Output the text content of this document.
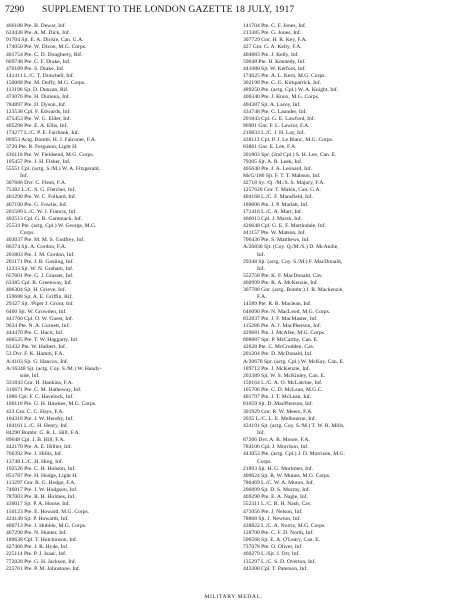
7290 SUPPLEMENT TO THE LONDON GAZETTE 18 JULY, 1917
466188 Pte. B. Dewar, Inf.
624438 Pte. A. M. Dick, Inf.
91704 Sjt. E. A. Dickie, Can. G.A.
174050 Pte. W. Dixon, M.G. Corps.
401754 Pte. C. D. Dougherty, Rif.
669748 Pte. C. F. Drake, Inf.
470189 Pte. S. Drake, Inf.
141411 L./C. T. Drawbell, Inf.
150068 Pte. M. Duffy, M.G. Corps.
113196 Sjt. D. Duncan, Rif.
473076 Pte. H. Durieux, Inf.
784897 Pte. D. Dyson, Inf.
123538 Cpl. F. Edwards, Inf.
475453 Pte. W. G. Elder, Inf.
405298 Pte. E. A. Ellis, Inf.
174277 L./C. P. E. Fairbank, Inf.
86953 Actg. Bombr. H. J. Falconer, F.A.
3720 Pte. R. Ferguson, Light H.
436116 Pte. W. Fieldsend, M.G. Corps.
105457 Pte. J. H. Fisher, Inf.
55551 Cpl. (actg. S./M.) W. A. Fitzgerald,
Inf.
307686 Dvr. C. Flesh, F.A.
75382 L./C. S. G. Fletcher, Inf.
461290 Pte. W. C. Folkard, Inf.
467190 Pte. G. Fowlie, Inf.
201589 L./C. W. J. Francis, Inf.
402513 Cpl. G. B. Gammack, Inf.
25534 Pte. (actg. Cpl.) W. George, M.G.
Corps.
403037 Pte. M. M. S. Godfrey, Inf.
86374 Sjt. A. Gordon, F.A.
201803 Pte. J. M. Gordon, Inf.
201171 Pte. J. B. Gosling, Inf.
12233 Sjt. W. N. Graham, Inf.
657601 Pte. G. J. Grasser, Inf.
63385 Cpl. R. Greenway, Inf.
406304 Sjt. H. Grieve, Inf.
159688 Sjt. A. E. Griffin, Rif.
29327 Sjt. /Piper J. Grout, Inf.
6460 Sjt. W. Growden, Inf.
441760 Cpl. O. W. Guest, Inf.
9634 Pte. N. A. Gurnett, Inf.
444470 Pte. C. Hacit, Inf.
466525 Pte. T. W. Haggarty, Inf.
63432 Pte. W. Halbert, Inf.
53 Dvr. F. K. Hamm, F.A.
A/4103 Sjt. G. Hancox, Inf.
A/16348 Sjt. (actg. Coy. S./M.) W. Handy-
side, Inf.
331843 Gnr. H. Hankins, F.A.
310671 Pte. C. M. Hatheway, Inf.
1086 Cpl. F. C. Havelock, Inf.
100110 Pte. G. H. Hawkes, M.G. Corps.
433 Gnr. C. C. Hays, F.A.
104318 Pte. J. W. Hendry, Inf.
184161 L./C. H. Henry, Inf.
84290 Bombr. G. R. L. Hill, F.A.
89648 Cpl. J. B. Hill, F.A.
442170 Pte. A. E. Hillier, Inf.
766392 Pte. J. Hillis, Inf.
13748 L./C. H. Hing, Inf.
192526 Pte. C. H. Hobson, Inf.
851787 Pte. H. Hodge, Light H.
113297 Gnr. R. G. Hodge, F.A.
746017 Pte. J. W. Hodgson, Inf.
787003 Pte. R. H. Holmes, Inf.
430017 Sjt. P. A. House, Inf.
150123 Pte. E. Howard, M.G. Corps.
424149 Sjt. P. Howarth, Inf.
400713 Pte. J. Hubble, M.G. Corps.
467290 Pte. N. Hunter, Inf.
180638 Cpl. T. Hutchinson, Inf.
427466 Pte. J. R. Hyde, Inf.
225114 Pte. P. J. Isaac, Inf.
772028 Pte. G. H. Jackson, Inf.
225761 Pte. P. M. Johnstone, Inf.
141704 Pte. C. F. Jones, Inf.
213385 Pte. G. Jones, Inf.
307729 Gnr. H. R. Key, F.A.
427 Gnr. G. A. Kelly, F.A.
404883 Pte. J. Kelly, Inf.
59048 Pte. H. Kennedy, Inf.
441080 Sjt. W. Kerfoot, Inf.
174625 Pte. A. L. Kern, M.G. Corps.
302198 Pte. C. G. Kirkpatrick, Inf.
489250 Pte. (actg. Cpl.) W. A. Knight, Inf.
406340 Pte. J. Knox, M.G. Corps.
404387 Sjt. A. Lacey, Inf.
434748 Pte. C. Launder, Inf.
201843 Cpl. G. E. Lawford, Inf.
86901 Gnr. F. L. Lawlor, F.A.
210833 L./C. J. H. Lay, Inf.
438113 Cpl. P. J. Le Blanc, M.G. Corps.
83861 Gnr. E. Lee, F.A.
301803 Spr. (2nd Cpl.) S. H. Lee, Can. E.
79305 Sjt. A. R. Leek, Inf.
405640 Pte. J. A. Leonard, Inf.
McG/186 Sjt. F. T. T. Mabson, Inf.
42718 Sy. /Q. /M./S. S. Majury, F.A.
1257620 Gnr. T. Makin, Can. G.A.
404168 L./C. F. Mansfield, Inf.
180606 Pte. J. P. Marlatt, Inf.
171416 L./C. A. Marr, Inf.
466013 Cpl. J. Marsh, Inf.
426648 Cpl. G. E. F. Martindale, Inf.
441157 Pte. W. Matson, Inf.
706436 Pte. S. Matthews, Inf.
A/26830 Sjt. (Coy. Q./M./S.) D. McAndie,
Inf.
29348 Sjt. (actg. Coy. S./M.) F. MacDonald,
Inf.
552758 Pte. K. F. MacDonald, Cav.
460999 Pte. R. A. McKenzie, Inf.
307788 Gnr. (actg. Bombr.) J. R. Mackenzie,
F.A.
14589 Pte. R. B. Maclean, Inf.
646090 Pte. N. MacLeod, M.G. Corps.
832837 Pte. J. F. MacMaster, Inf.
115286 Pte. A. J. MacPherson, Inf.
429681 Pte. J. McAfee, M.G. Corps.
808887 Spr. P. McCarthy, Can. E.
42628 Pte. C. McCrudden, Cav.
201204 Pte. D. McDonald, Inf.
A/20670 Spr. (actg. Cpl.) W. McKay, Can. E.
189712 Pte. J. McKenzie, Inf.
203389 Sjt. W. S. McKinley, Can. E.
150164 L./C. A. O. McLatchie, Inf.
105706 Pte. C. D. McLean, M.G.C.
401797 Pte. J. T. McLean, Inf.
81659 Sjt. D. MacPherson, Inf.
301929 Gnr. R. W. Meers, F.A.
2035 L./C. L. E. Melbourne, Inf.
434191 Sjt. (actg. Coy. S./M.) T. W. R. Mills,
Inf.
87206 Dvr. A. R. Moore, F.A.
784106 Cpl. J. Morrison, Inf.
443053 Pte. (actg. Cpl.) J. D. Morrison, M.G.
Corps.
21893 Sjt. H. G. Mortimer, Inf.
400624 Sjt. R. W. Munns, M.G. Corps.
786469 L./C. W. A. Munro, Inf.
206899 Sjt. D. S. Murray, Inf.
469290 Pte. E. A. Nagle, Inf.
552311 L./C. R. H. Nash, Cav.
471056 Pte. J. Nelson, Inf.
78868 Sjt. J. Newton, Inf.
438822 L./C. A. Norris, M.G. Corps.
128700 Pte. C. F. D. North, Inf.
506568 Sjt. E. A. O'Leary, Can. E.
737078 Pte. O. Oliver, Inf.
460279 L./Sjt. J. Orr, Inf.
135297 L./C. S. D. Overton, Inf.
443308 Cpl. T. Paterson, Inf.
MILITARY MEDAL.
